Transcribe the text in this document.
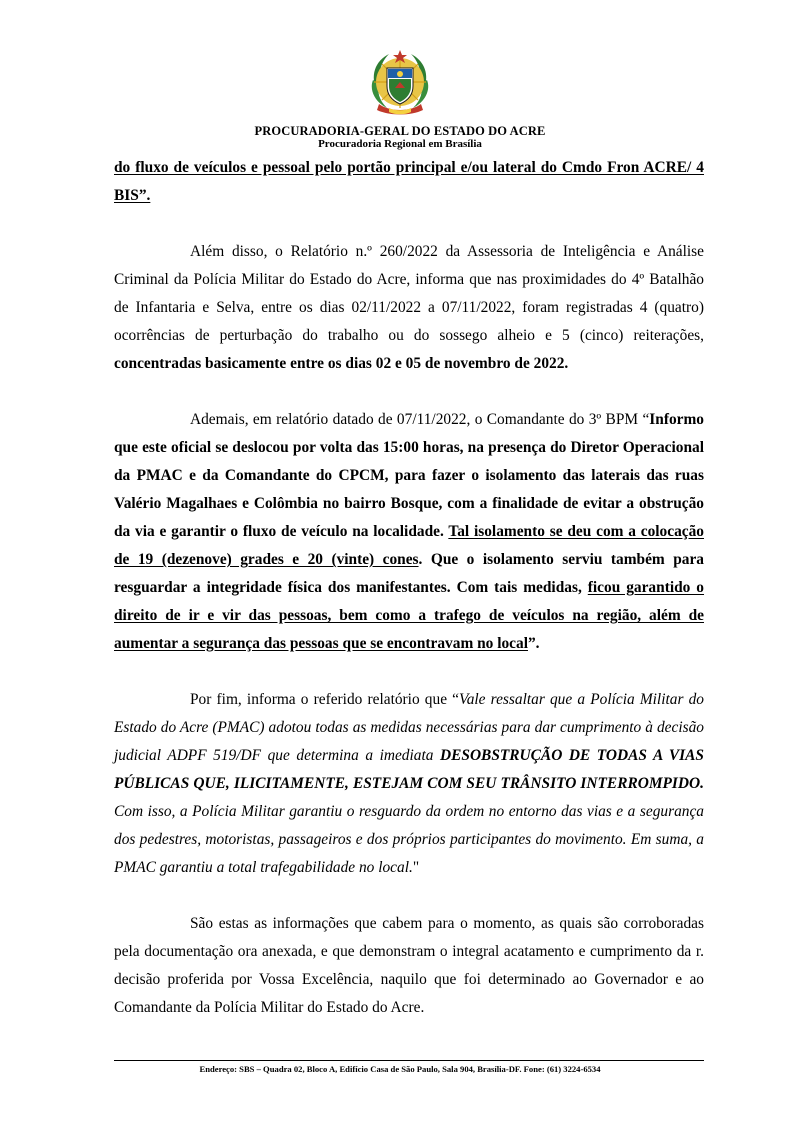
PROCURADORIA-GERAL DO ESTADO DO ACRE
Procuradoria Regional em Brasília

do fluxo de veículos e pessoal pelo portão principal e/ou lateral do Cmdo Fron ACRE/ 4 BIS”.

Além disso, o Relatório n.º 260/2022 da Assessoria de Inteligência e Análise Criminal da Polícia Militar do Estado do Acre, informa que nas proximidades do 4º Batalhão de Infantaria e Selva, entre os dias 02/11/2022 a 07/11/2022, foram registradas 4 (quatro) ocorrências de perturbação do trabalho ou do sossego alheio e 5 (cinco) reiterações, concentradas basicamente entre os dias 02 e 05 de novembro de 2022.

Ademais, em relatório datado de 07/11/2022, o Comandante do 3º BPM “Informo que este oficial se deslocou por volta das 15:00 horas, na presença do Diretor Operacional da PMAC e da Comandante do CPCM, para fazer o isolamento das laterais das ruas Valério Magalhaes e Colômbia no bairro Bosque, com a finalidade de evitar a obstrução da via e garantir o fluxo de veículo na localidade. Tal isolamento se deu com a colocação de 19 (dezenove) grades e 20 (vinte) cones. Que o isolamento serviu também para resguardar a integridade física dos manifestantes. Com tais medidas, ficou garantido o direito de ir e vir das pessoas, bem como a trafego de veículos na região, além de aumentar a segurança das pessoas que se encontravam no local”.

Por fim, informa o referido relatório que “Vale ressaltar que a Polícia Militar do Estado do Acre (PMAC) adotou todas as medidas necessárias para dar cumprimento à decisão judicial ADPF 519/DF que determina a imediata DESOBSTRUÇÃO DE TODAS A VIAS PÚBLICAS QUE, ILICITAMENTE, ESTEJAM COM SEU TRÂNSITO INTERROMPIDO. Com isso, a Polícia Militar garantiu o resguardo da ordem no entorno das vias e a segurança dos pedestres, motoristas, passageiros e dos próprios participantes do movimento. Em suma, a PMAC garantiu a total trafegabilidade no local."

São estas as informações que cabem para o momento, as quais são corroboradas pela documentação ora anexada, e que demonstram o integral acatamento e cumprimento da r. decisão proferida por Vossa Excelência, naquilo que foi determinado ao Governador e ao Comandante da Polícia Militar do Estado do Acre.

Endereço: SBS – Quadra 02, Bloco A, Edifício Casa de São Paulo, Sala 904, Brasília-DF. Fone: (61) 3224-6534
